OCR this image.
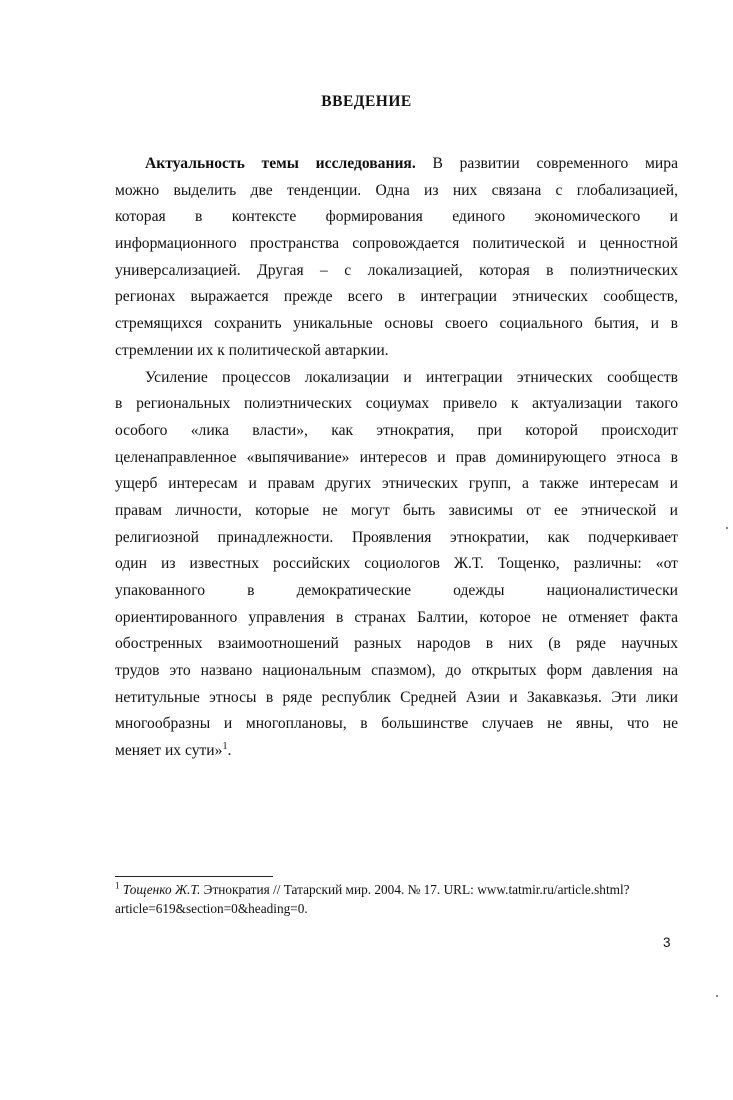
ВВЕДЕНИЕ
Актуальность темы исследования. В развитии современного мира
можно выделить две тенденции. Одна из них связана с глобализацией,
которая в контексте формирования единого экономического и
информационного пространства сопровождается политической и ценностной
универсализацией. Другая – с локализацией, которая в полиэтнических
регионах выражается прежде всего в интеграции этнических сообществ,
стремящихся сохранить уникальные основы своего социального бытия, и в
стремлении их к политической автаркии.
Усиление процессов локализации и интеграции этнических сообществ
в региональных полиэтнических социумах привело к актуализации такого
особого «лика власти», как этнократия, при которой происходит
целенаправленное «выпячивание» интересов и прав доминирующего этноса в
ущерб интересам и правам других этнических групп, а также интересам и
правам личности, которые не могут быть зависимы от ее этнической и
религиозной принадлежности. Проявления этнократии, как подчеркивает
один из известных российских социологов Ж.Т. Тощенко, различны: «от
упакованного в демократические одежды националистически
ориентированного управления в странах Балтии, которое не отменяет факта
обостренных взаимоотношений разных народов в них (в ряде научных
трудов это названо национальным спазмом), до открытых форм давления на
нетитульные этносы в ряде республик Средней Азии и Закавказья. Эти лики
многообразны и многоплановы, в большинстве случаев не явны, что не
меняет их сути»$^1$.
$^1$ Тощенко Ж.Т. Этнократия // Татарский мир. 2004. № 17. URL: www.tatmir.ru/article.shtml?
article=619&section=0&heading=0.
3
